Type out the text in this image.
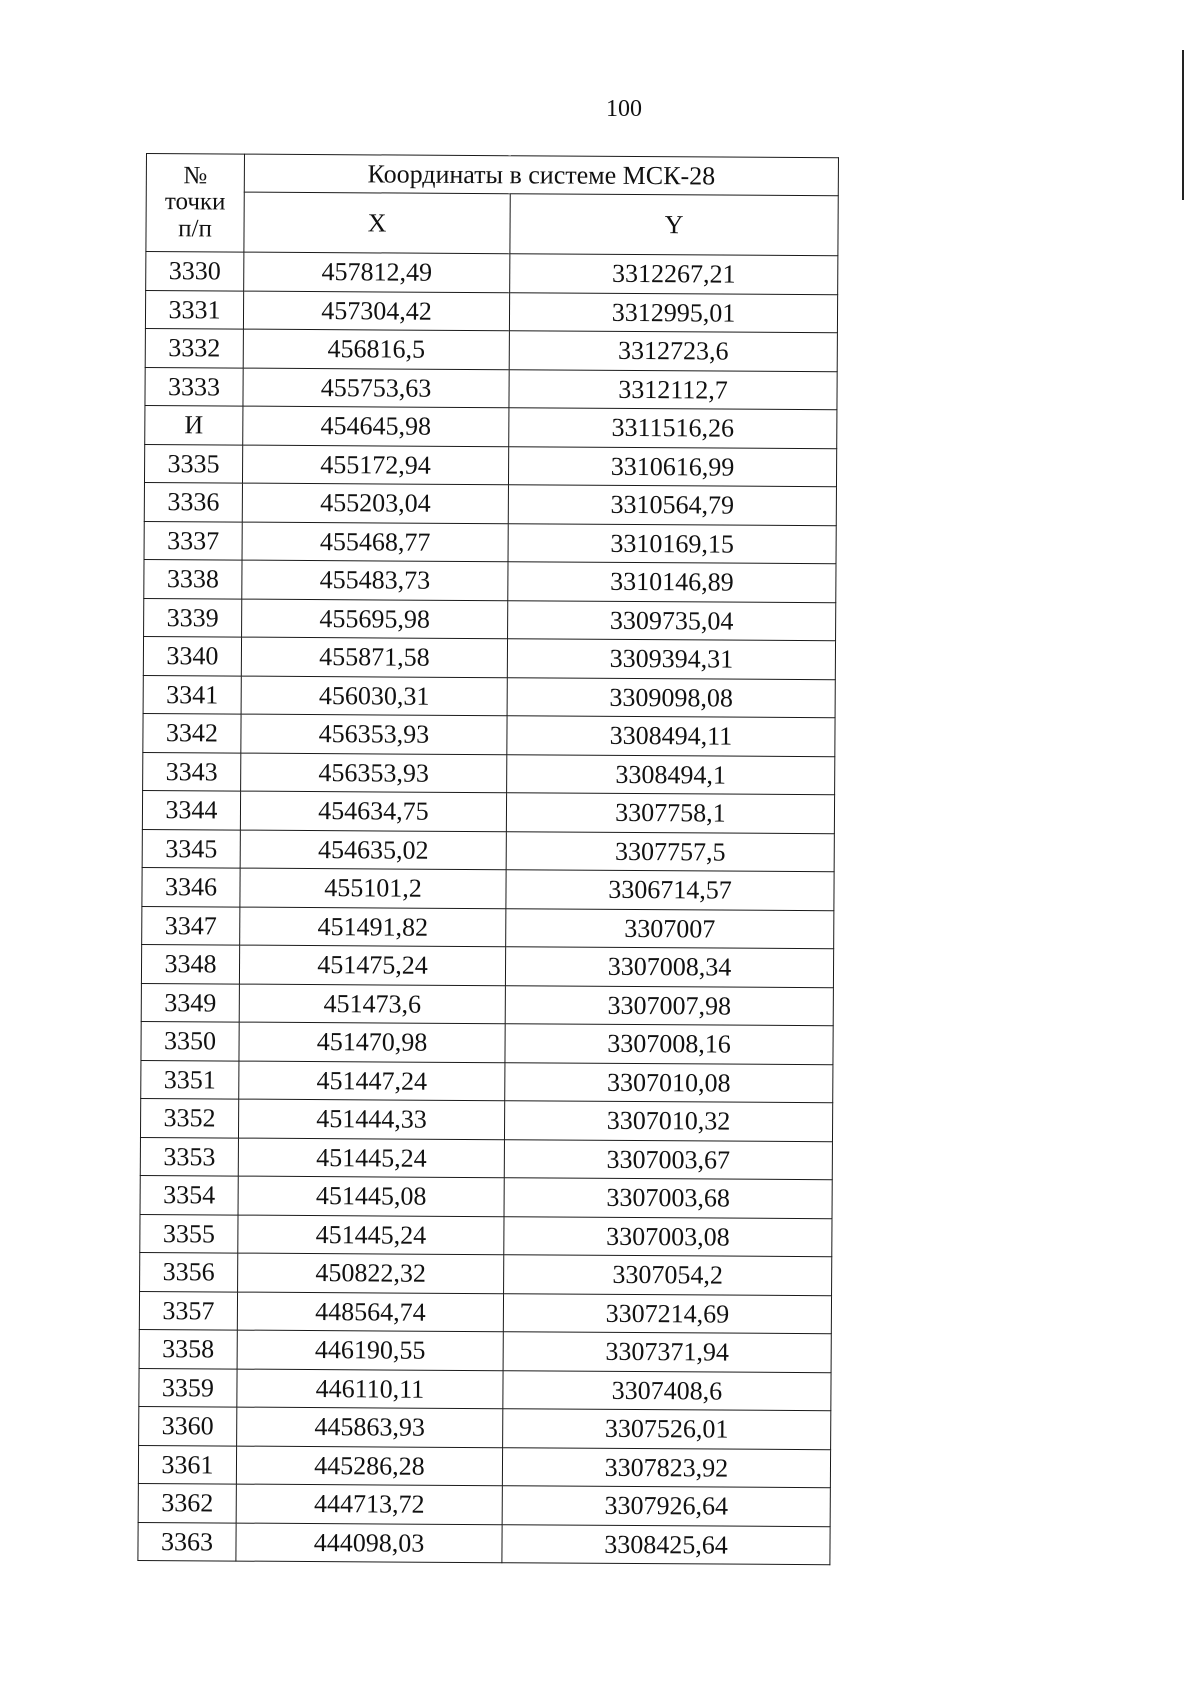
100
№
точки
п/п	Координаты в системе МСК-28	
	X	Y
3330	457812,49	3312267,21
3331	457304,42	3312995,01
3332	456816,5	3312723,6
3333	455753,63	3312112,7
И	454645,98	3311516,26
3335	455172,94	3310616,99
3336	455203,04	3310564,79
3337	455468,77	3310169,15
3338	455483,73	3310146,89
3339	455695,98	3309735,04
3340	455871,58	3309394,31
3341	456030,31	3309098,08
3342	456353,93	3308494,11
3343	456353,93	3308494,1
3344	454634,75	3307758,1
3345	454635,02	3307757,5
3346	455101,2	3306714,57
3347	451491,82	3307007
3348	451475,24	3307008,34
3349	451473,6	3307007,98
3350	451470,98	3307008,16
3351	451447,24	3307010,08
3352	451444,33	3307010,32
3353	451445,24	3307003,67
3354	451445,08	3307003,68
3355	451445,24	3307003,08
3356	450822,32	3307054,2
3357	448564,74	3307214,69
3358	446190,55	3307371,94
3359	446110,11	3307408,6
3360	445863,93	3307526,01
3361	445286,28	3307823,92
3362	444713,72	3307926,64
3363	444098,03	3308425,64
